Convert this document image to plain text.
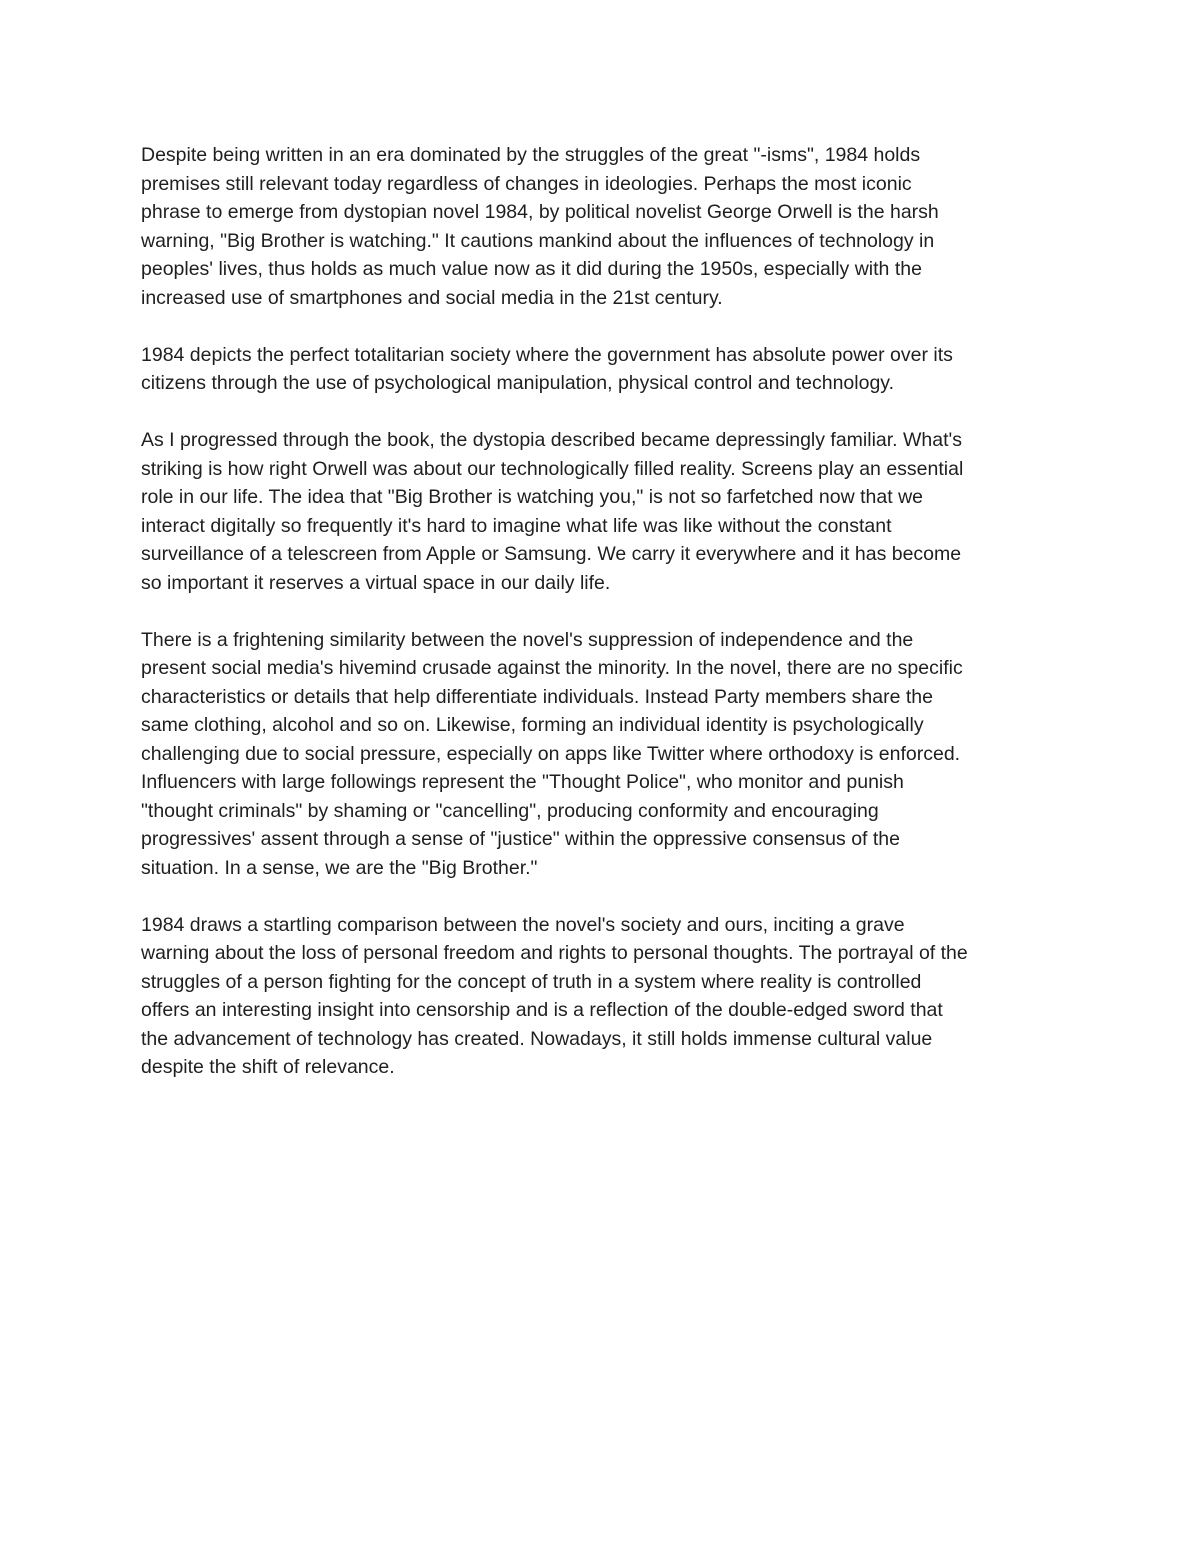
Despite being written in an era dominated by the struggles of the great "-isms", 1984 holds
premises still relevant today regardless of changes in ideologies. Perhaps the most iconic
phrase to emerge from dystopian novel 1984, by political novelist George Orwell is the harsh
warning, "Big Brother is watching." It cautions mankind about the influences of technology in
peoples' lives, thus holds as much value now as it did during the 1950s, especially with the
increased use of smartphones and social media in the 21st century.

1984 depicts the perfect totalitarian society where the government has absolute power over its
citizens through the use of psychological manipulation, physical control and technology.

As I progressed through the book, the dystopia described became depressingly familiar. What's
striking is how right Orwell was about our technologically filled reality. Screens play an essential
role in our life. The idea that "Big Brother is watching you," is not so farfetched now that we
interact digitally so frequently it's hard to imagine what life was like without the constant
surveillance of a telescreen from Apple or Samsung. We carry it everywhere and it has become
so important it reserves a virtual space in our daily life.

There is a frightening similarity between the novel's suppression of independence and the
present social media's hivemind crusade against the minority. In the novel, there are no specific
characteristics or details that help differentiate individuals. Instead Party members share the
same clothing, alcohol and so on. Likewise, forming an individual identity is psychologically
challenging due to social pressure, especially on apps like Twitter where orthodoxy is enforced.
Influencers with large followings represent the "Thought Police", who monitor and punish
"thought criminals" by shaming or "cancelling", producing conformity and encouraging
progressives' assent through a sense of "justice" within the oppressive consensus of the
situation. In a sense, we are the "Big Brother."

1984 draws a startling comparison between the novel's society and ours, inciting a grave
warning about the loss of personal freedom and rights to personal thoughts. The portrayal of the
struggles of a person fighting for the concept of truth in a system where reality is controlled
offers an interesting insight into censorship and is a reflection of the double-edged sword that
the advancement of technology has created. Nowadays, it still holds immense cultural value
despite the shift of relevance.
